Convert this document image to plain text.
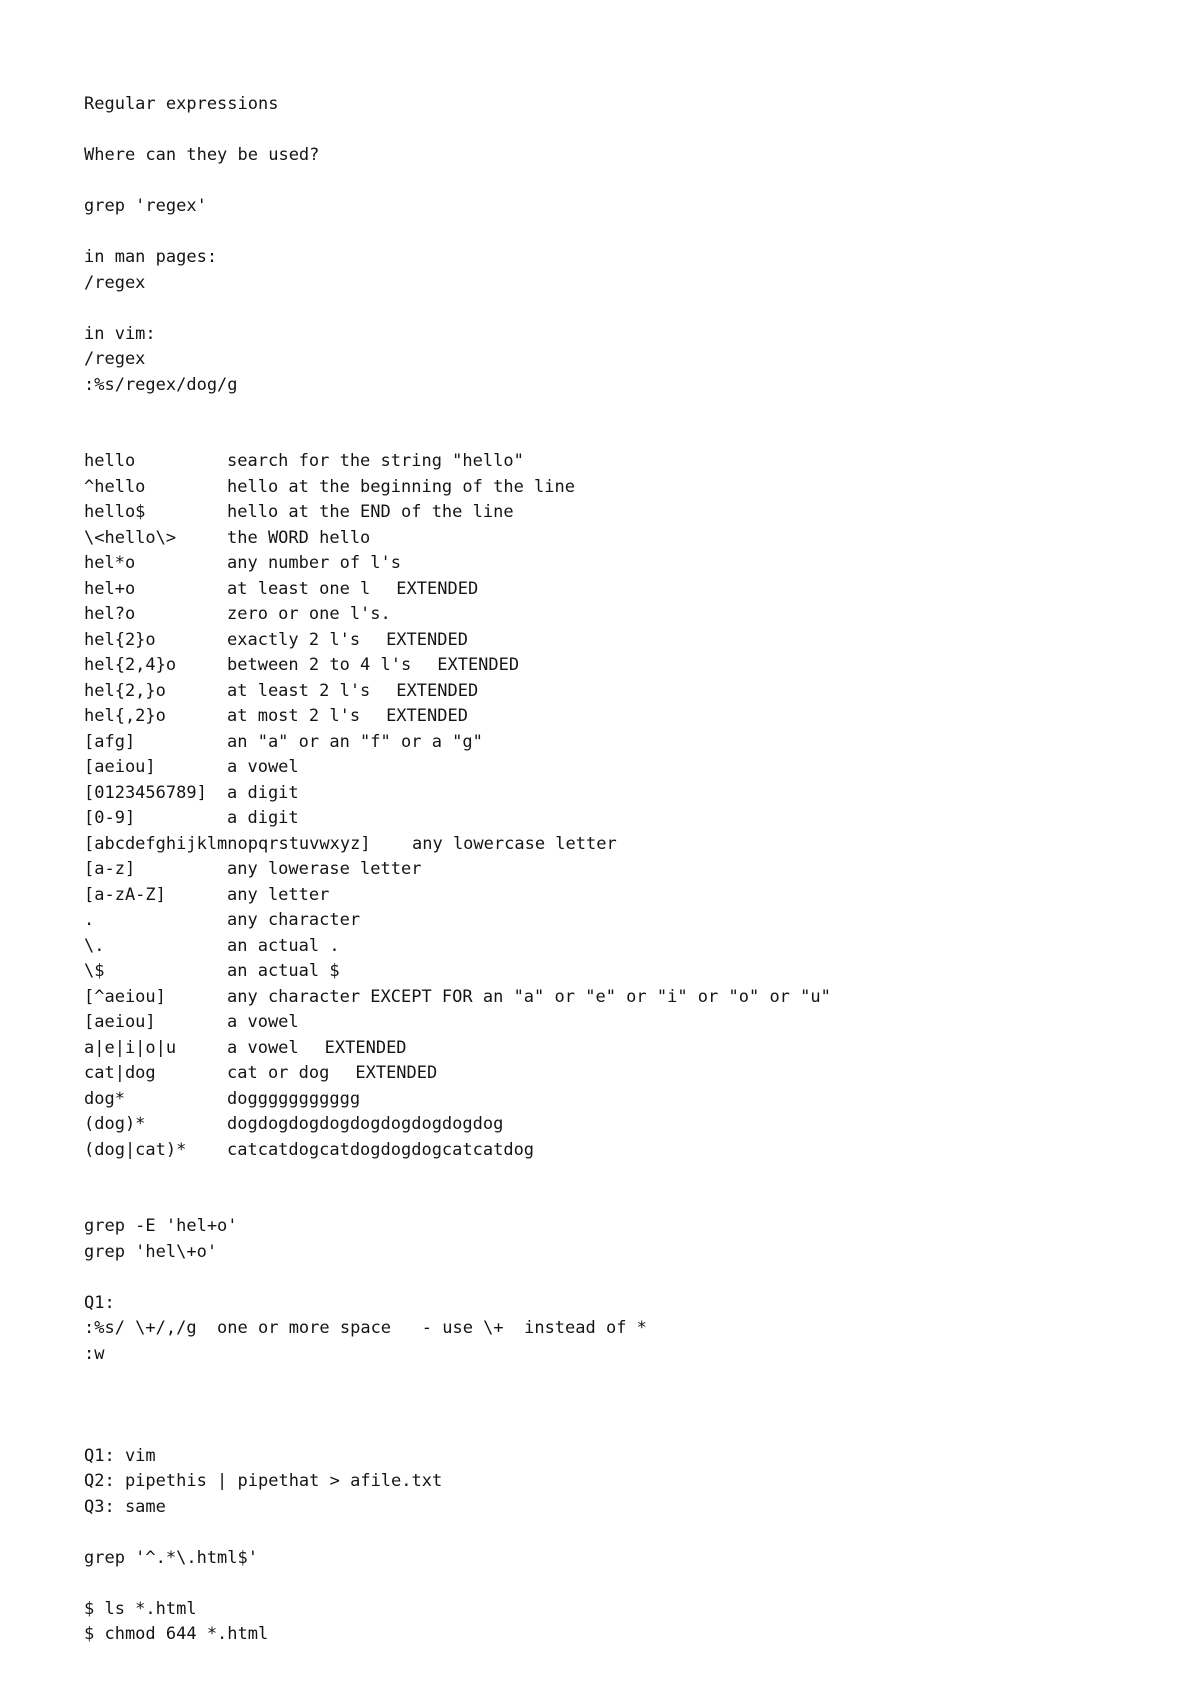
Regular expressions
Where can they be used?
grep 'regex'
in man pages:
/regex
in vim:
/regex
:%s/regex/dog/g
hello	search for the string "hello"
^hello	hello at the beginning of the line
hello$	hello at the END of the line
\<hello\>	the WORD hello
hel*o	any number of l's
hel+o	at least one l EXTENDED
hel?o	zero or one l's.
hel{2}o	exactly 2 l's EXTENDED
hel{2,4}o	between 2 to 4 l's EXTENDED
hel{2,}o	at least 2 l's EXTENDED
hel{,2}o	at most 2 l's EXTENDED
[afg]	an "a" or an "f" or a "g"
[aeiou]	a vowel
[0123456789] a digit
[0-9]	a digit
[abcdefghijklmnopqrstuvwxyz] any lowercase letter
[a-z]	any lowerase letter
[a-zA-Z]	any letter
.	any character
\.	an actual .
\$	an actual $
[^aeiou]	any character EXCEPT FOR an "a" or "e" or "i" or "o" or "u"
[aeiou]	a vowel
a|e|i|o|u	a vowel EXTENDED
cat|dog	cat or dog EXTENDED
dog*	doggggggggggg
(dog)*	dogdogdogdogdogdogdogdogdog
(dog|cat)* catcatdogcatdogdogdogcatcatdog
grep -E 'hel+o'
grep 'hel\+o'
Q1:
:%s/ \+/,/g  one or more space   - use \+  instead of *
:w
Q1: vim
Q2: pipethis | pipethat > afile.txt
Q3: same
grep '^.*\.html$'
$ ls *.html
$ chmod 644 *.html
